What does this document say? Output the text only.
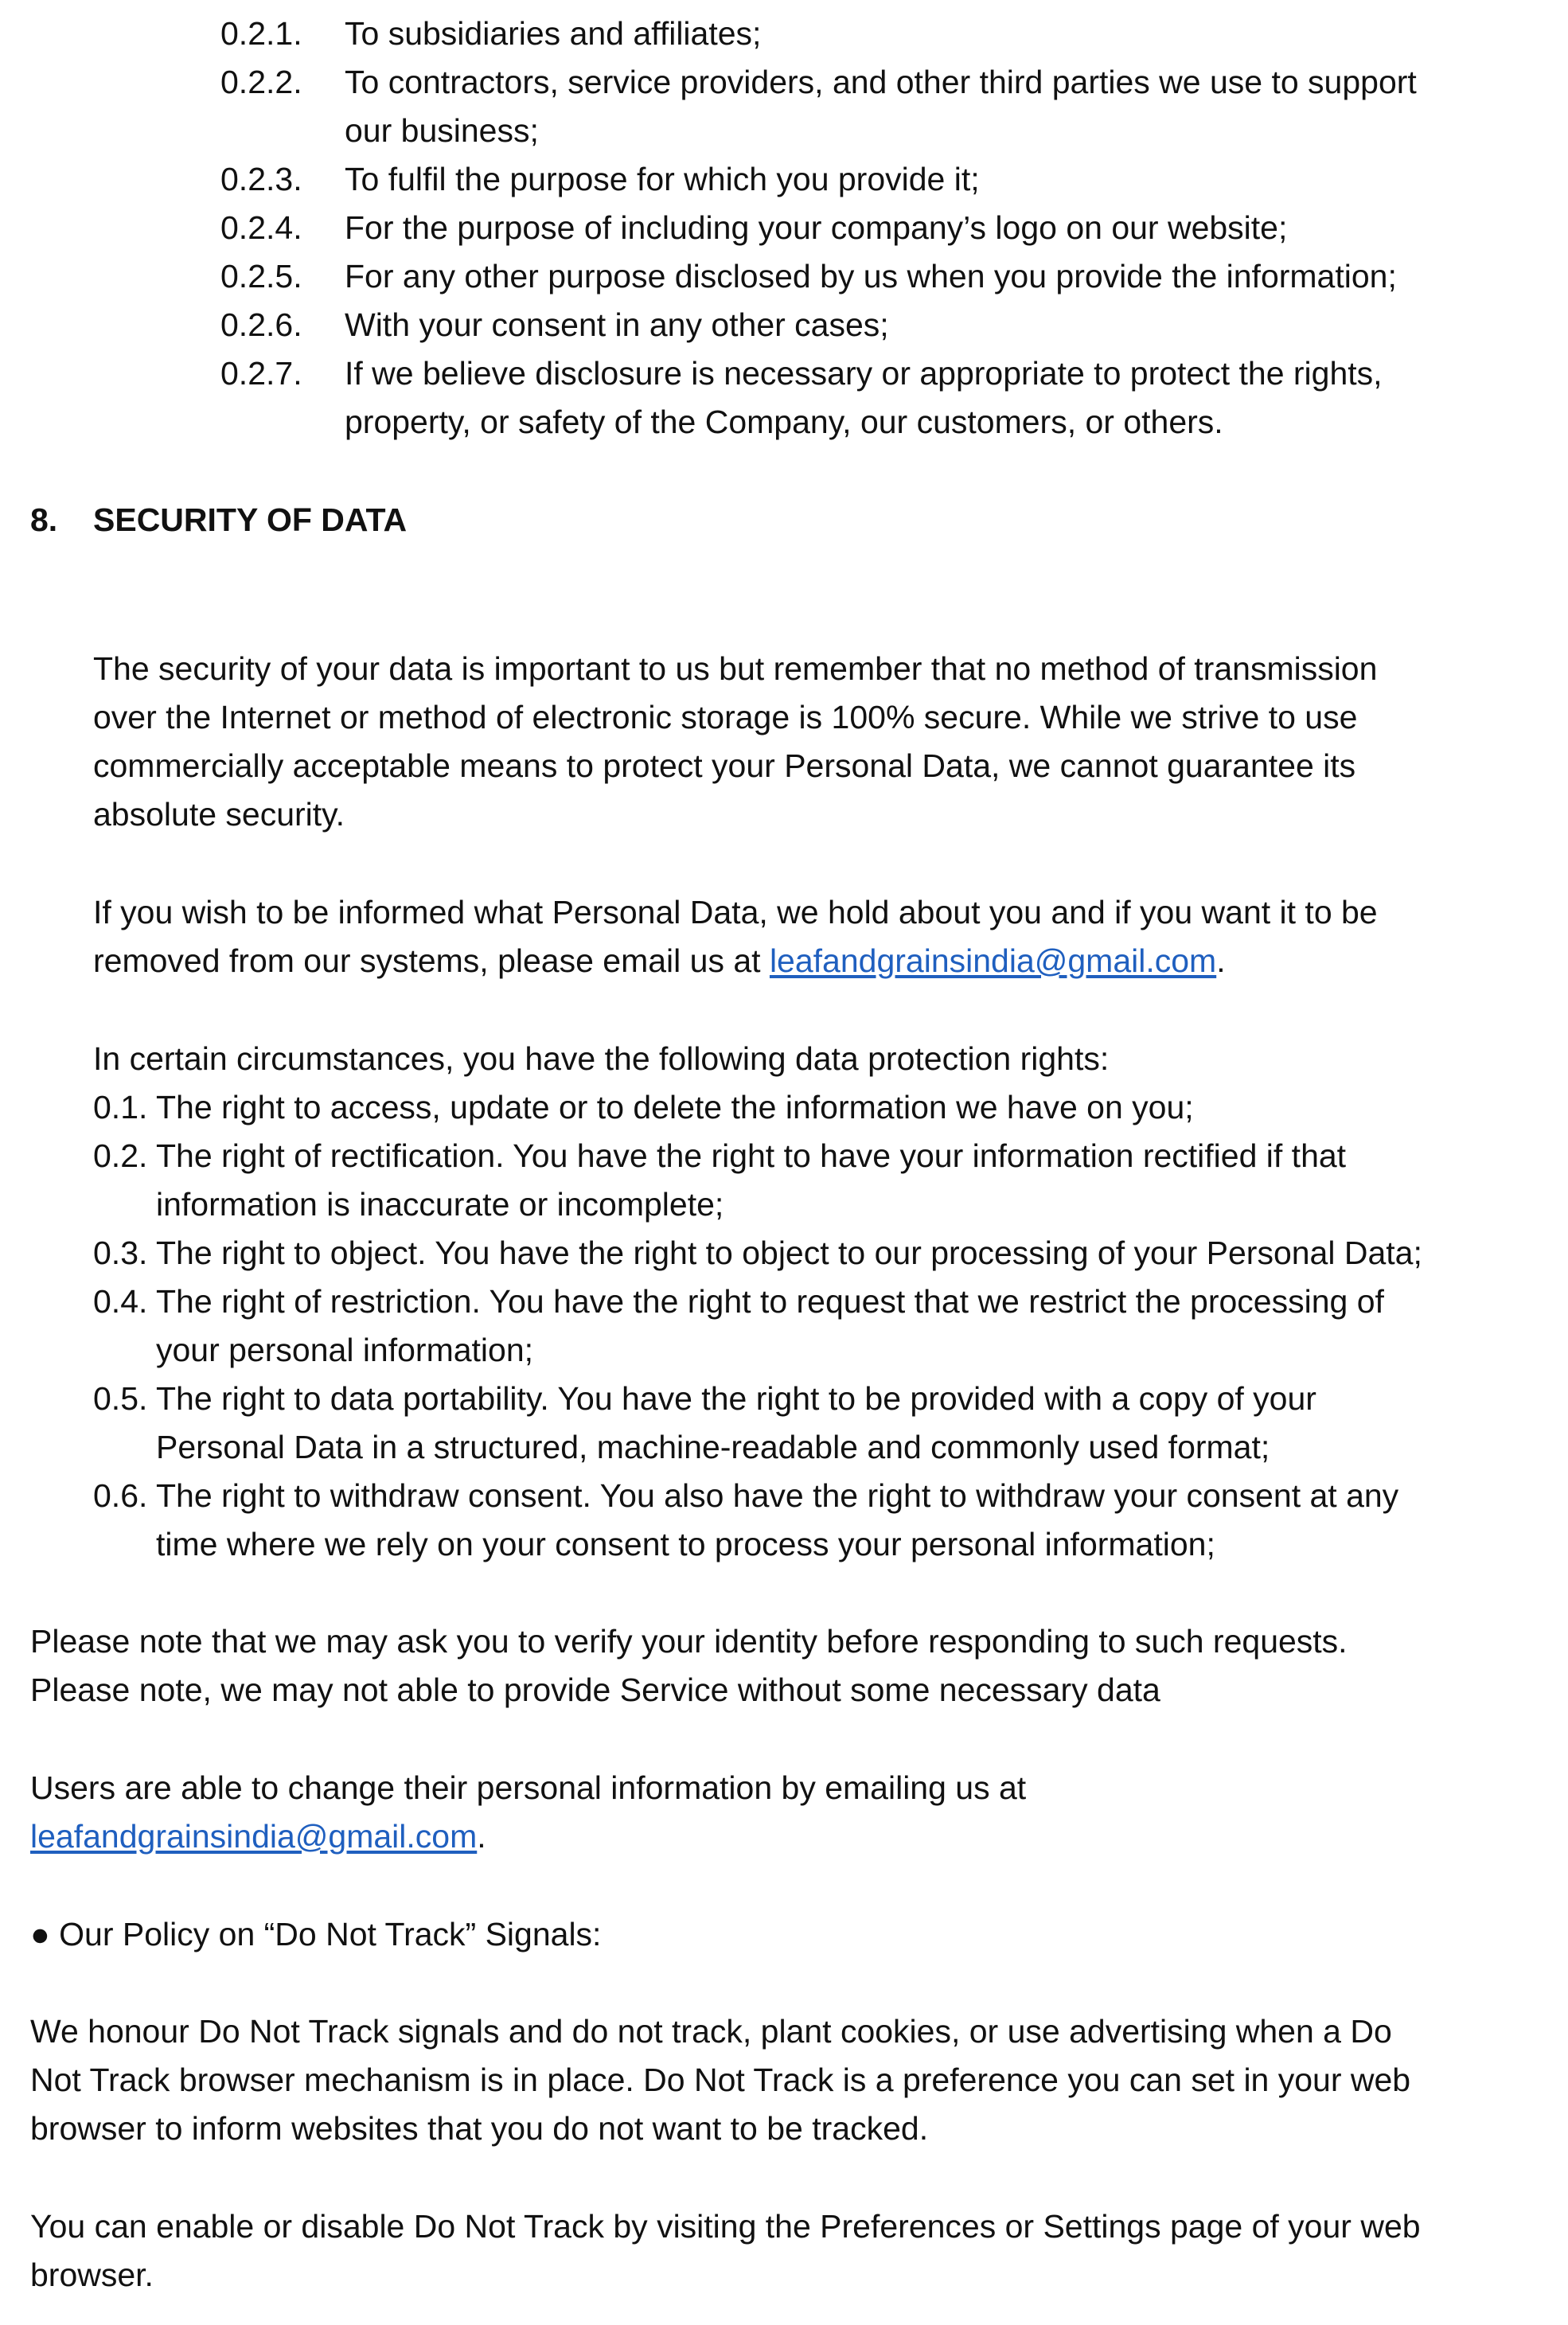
0.2.1. To subsidiaries and affiliates;
0.2.2. To contractors, service providers, and other third parties we use to support
our business;
0.2.3. To fulfil the purpose for which you provide it;
0.2.4. For the purpose of including your company’s logo on our website;
0.2.5. For any other purpose disclosed by us when you provide the information;
0.2.6. With your consent in any other cases;
0.2.7. If we believe disclosure is necessary or appropriate to protect the rights,
property, or safety of the Company, our customers, or others.
8. SECURITY OF DATA
The security of your data is important to us but remember that no method of transmission
over the Internet or method of electronic storage is 100% secure. While we strive to use
commercially acceptable means to protect your Personal Data, we cannot guarantee its
absolute security.
If you wish to be informed what Personal Data, we hold about you and if you want it to be
removed from our systems, please email us at leafandgrainsindia@gmail.com.
In certain circumstances, you have the following data protection rights:
0.1. The right to access, update or to delete the information we have on you;
0.2. The right of rectification. You have the right to have your information rectified if that
information is inaccurate or incomplete;
0.3. The right to object. You have the right to object to our processing of your Personal Data;
0.4. The right of restriction. You have the right to request that we restrict the processing of
your personal information;
0.5. The right to data portability. You have the right to be provided with a copy of your
Personal Data in a structured, machine-readable and commonly used format;
0.6. The right to withdraw consent. You also have the right to withdraw your consent at any
time where we rely on your consent to process your personal information;
Please note that we may ask you to verify your identity before responding to such requests.
Please note, we may not able to provide Service without some necessary data
Users are able to change their personal information by emailing us at
leafandgrainsindia@gmail.com.
● Our Policy on “Do Not Track” Signals:
We honour Do Not Track signals and do not track, plant cookies, or use advertising when a Do
Not Track browser mechanism is in place. Do Not Track is a preference you can set in your web
browser to inform websites that you do not want to be tracked.
You can enable or disable Do Not Track by visiting the Preferences or Settings page of your web
browser.
